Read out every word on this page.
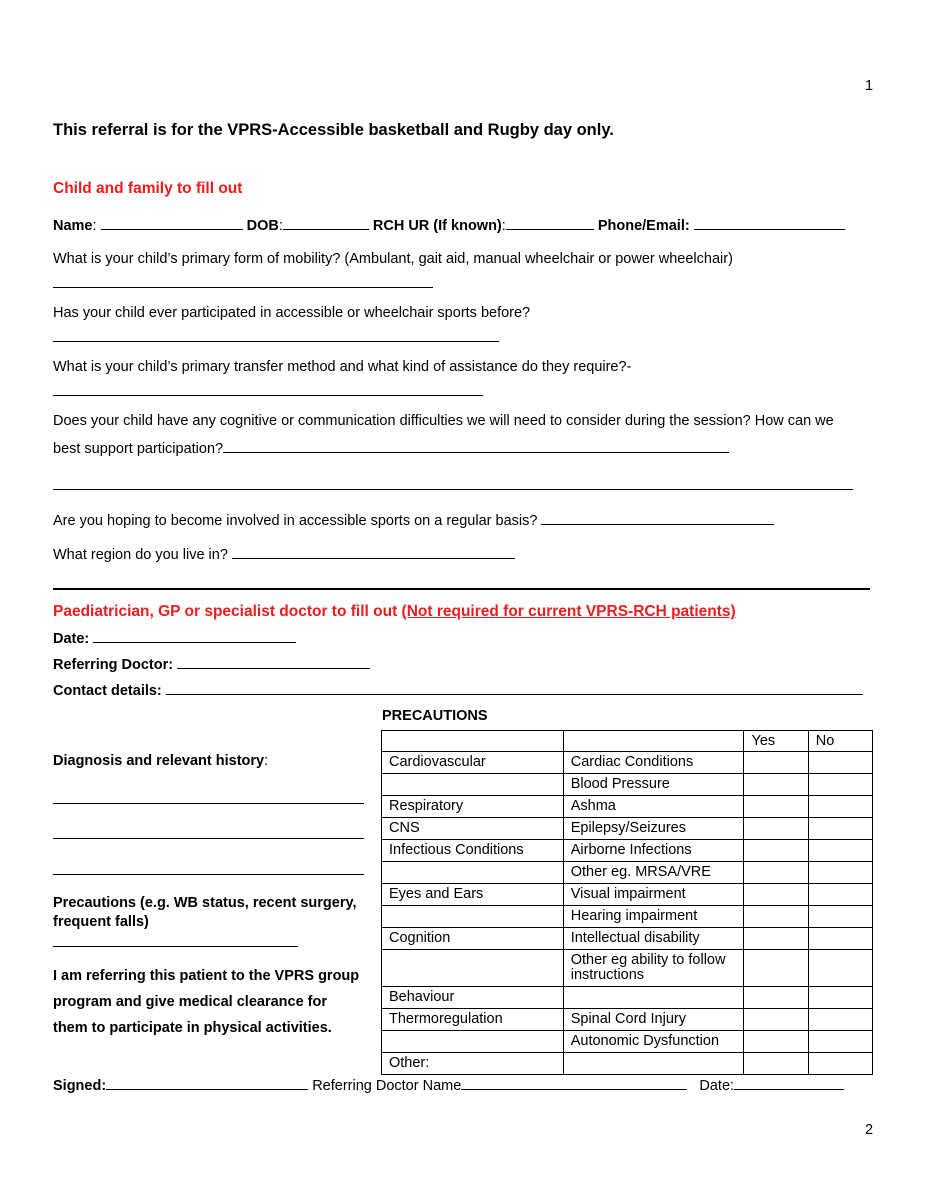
1
This referral is for the VPRS-Accessible basketball and Rugby day only.
Child and family to fill out
Name:	DOB:	RCH UR (If known):	Phone/Email:
What is your child’s primary form of mobility? (Ambulant, gait aid, manual wheelchair or power wheelchair)
Has your child ever participated in accessible or wheelchair sports before?
What is your child’s primary transfer method and what kind of assistance do they require?-
Does your child have any cognitive or communication difficulties we will need to consider during the session? How can we
best support participation?
Are you hoping to become involved in accessible sports on a regular basis?
What region do you live in?
Paediatrician, GP or specialist doctor to fill out (Not required for current VPRS-RCH patients)
Date:
Referring Doctor:
Contact details:
PRECAUTIONS
Diagnosis and relevant history:
Precautions (e.g. WB status, recent surgery,
frequent falls)
I am referring this patient to the VPRS group
program and give medical clearance for
them to participate in physical activities.
		Yes	No
Cardiovascular	Cardiac Conditions		
	Blood Pressure		
Respiratory	Ashma		
CNS	Epilepsy/Seizures		
Infectious Conditions	Airborne Infections		
	Other eg. MRSA/VRE		
Eyes and Ears	Visual impairment		
	Hearing impairment		
Cognition	Intellectual disability		
	Other eg ability to follow instructions		
Behaviour			
Thermoregulation	Spinal Cord Injury		
	Autonomic Dysfunction		
Other:			
Signed:	Referring Doctor Name	Date:
2
